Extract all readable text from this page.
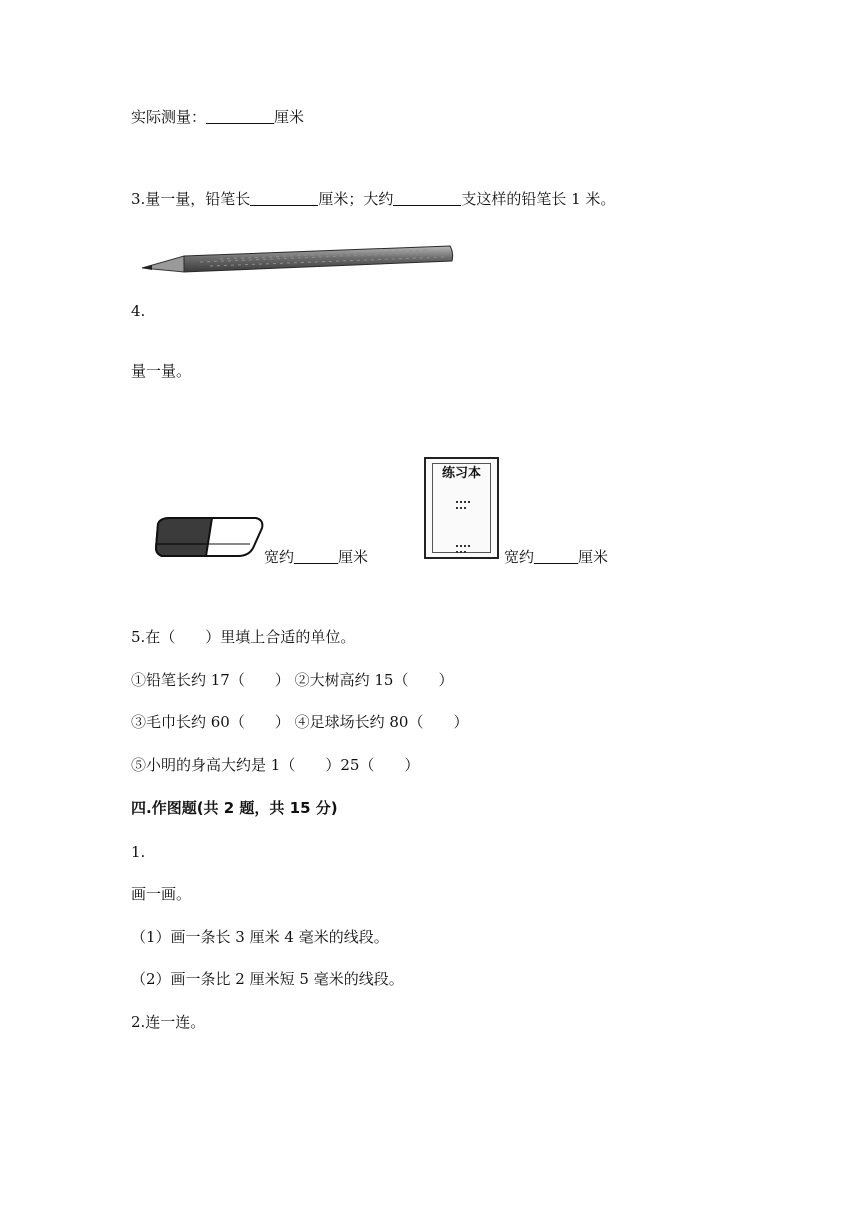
实际测量：	厘米
3.量一量，铅笔长	厘米；大约	支这样的铅笔长 1 米。
4.
量一量。
宽约	厘米
练习本
宽约	厘米
5.在（　　）里填上合适的单位。
①铅笔长约 17（　　） ②大树高约 15（　　）
③毛巾长约 60（　　） ④足球场长约 80（　　）
⑤小明的身高大约是 1（　　）25（　　）
四.作图题(共 2 题，共 15 分)
1.
画一画。
（1）画一条长 3 厘米 4 毫米的线段。
（2）画一条比 2 厘米短 5 毫米的线段。
2.连一连。
